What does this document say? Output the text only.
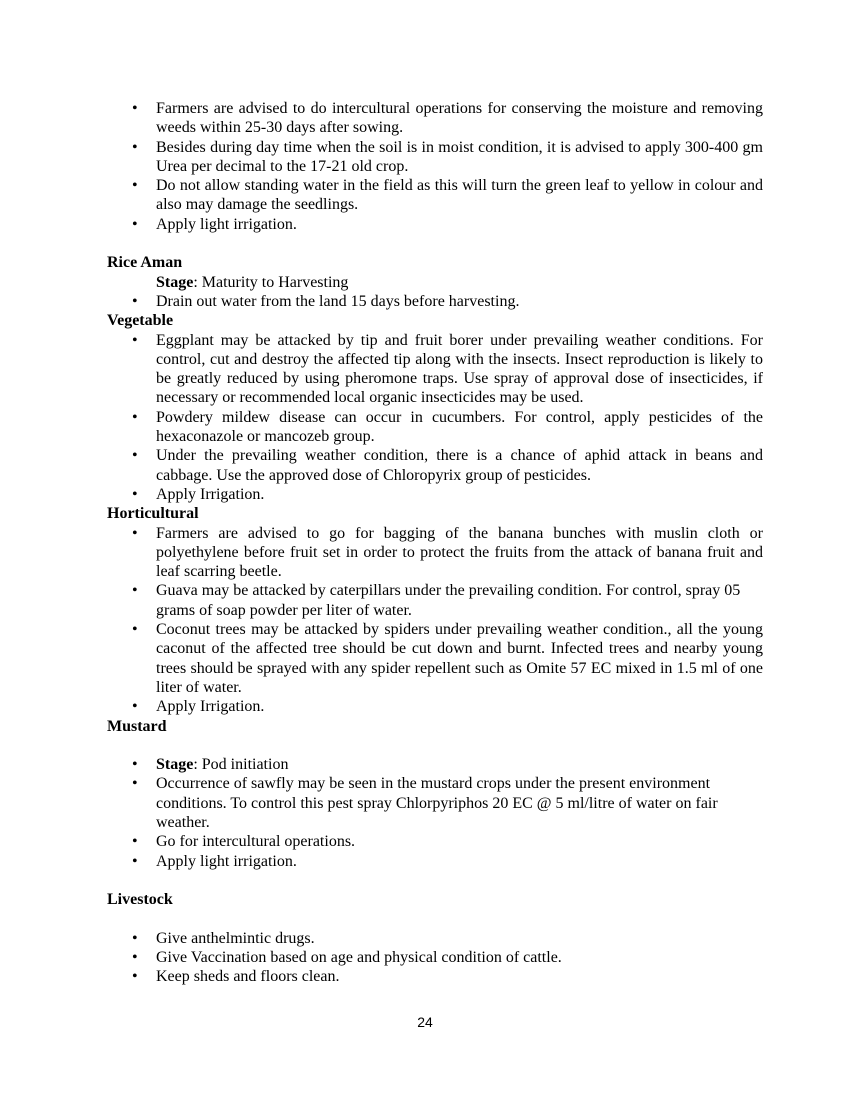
• Farmers are advised to do intercultural operations for conserving the moisture and removing weeds within 25-30 days after sowing.
• Besides during day time when the soil is in moist condition, it is advised to apply 300-400 gm Urea per decimal to the 17-21 old crop.
• Do not allow standing water in the field as this will turn the green leaf to yellow in colour and also may damage the seedlings.
• Apply light irrigation.
Rice Aman
Stage: Maturity to Harvesting
• Drain out water from the land 15 days before harvesting.
Vegetable
• Eggplant may be attacked by tip and fruit borer under prevailing weather conditions. For control, cut and destroy the affected tip along with the insects. Insect reproduction is likely to be greatly reduced by using pheromone traps. Use spray of approval dose of insecticides, if necessary or recommended local organic insecticides may be used.
• Powdery mildew disease can occur in cucumbers. For control, apply pesticides of the hexaconazole or mancozeb group.
• Under the prevailing weather condition, there is a chance of aphid attack in beans and cabbage. Use the approved dose of Chloropyrix group of pesticides.
• Apply Irrigation.
Horticultural
• Farmers are advised to go for bagging of the banana bunches with muslin cloth or polyethylene before fruit set in order to protect the fruits from the attack of banana fruit and leaf scarring beetle.
• Guava may be attacked by caterpillars under the prevailing condition. For control, spray 05 grams of soap powder per liter of water.
• Coconut trees may be attacked by spiders under prevailing weather condition., all the young caconut of the affected tree should be cut down and burnt. Infected trees and nearby young trees should be sprayed with any spider repellent such as Omite 57 EC mixed in 1.5 ml of one liter of water.
• Apply Irrigation.
Mustard
• Stage: Pod initiation
• Occurrence of sawfly may be seen in the mustard crops under the present environment conditions. To control this pest spray Chlorpyriphos 20 EC @ 5 ml/litre of water on fair weather.
• Go for intercultural operations.
• Apply light irrigation.
Livestock
• Give anthelmintic drugs.
• Give Vaccination based on age and physical condition of cattle.
• Keep sheds and floors clean.
24
